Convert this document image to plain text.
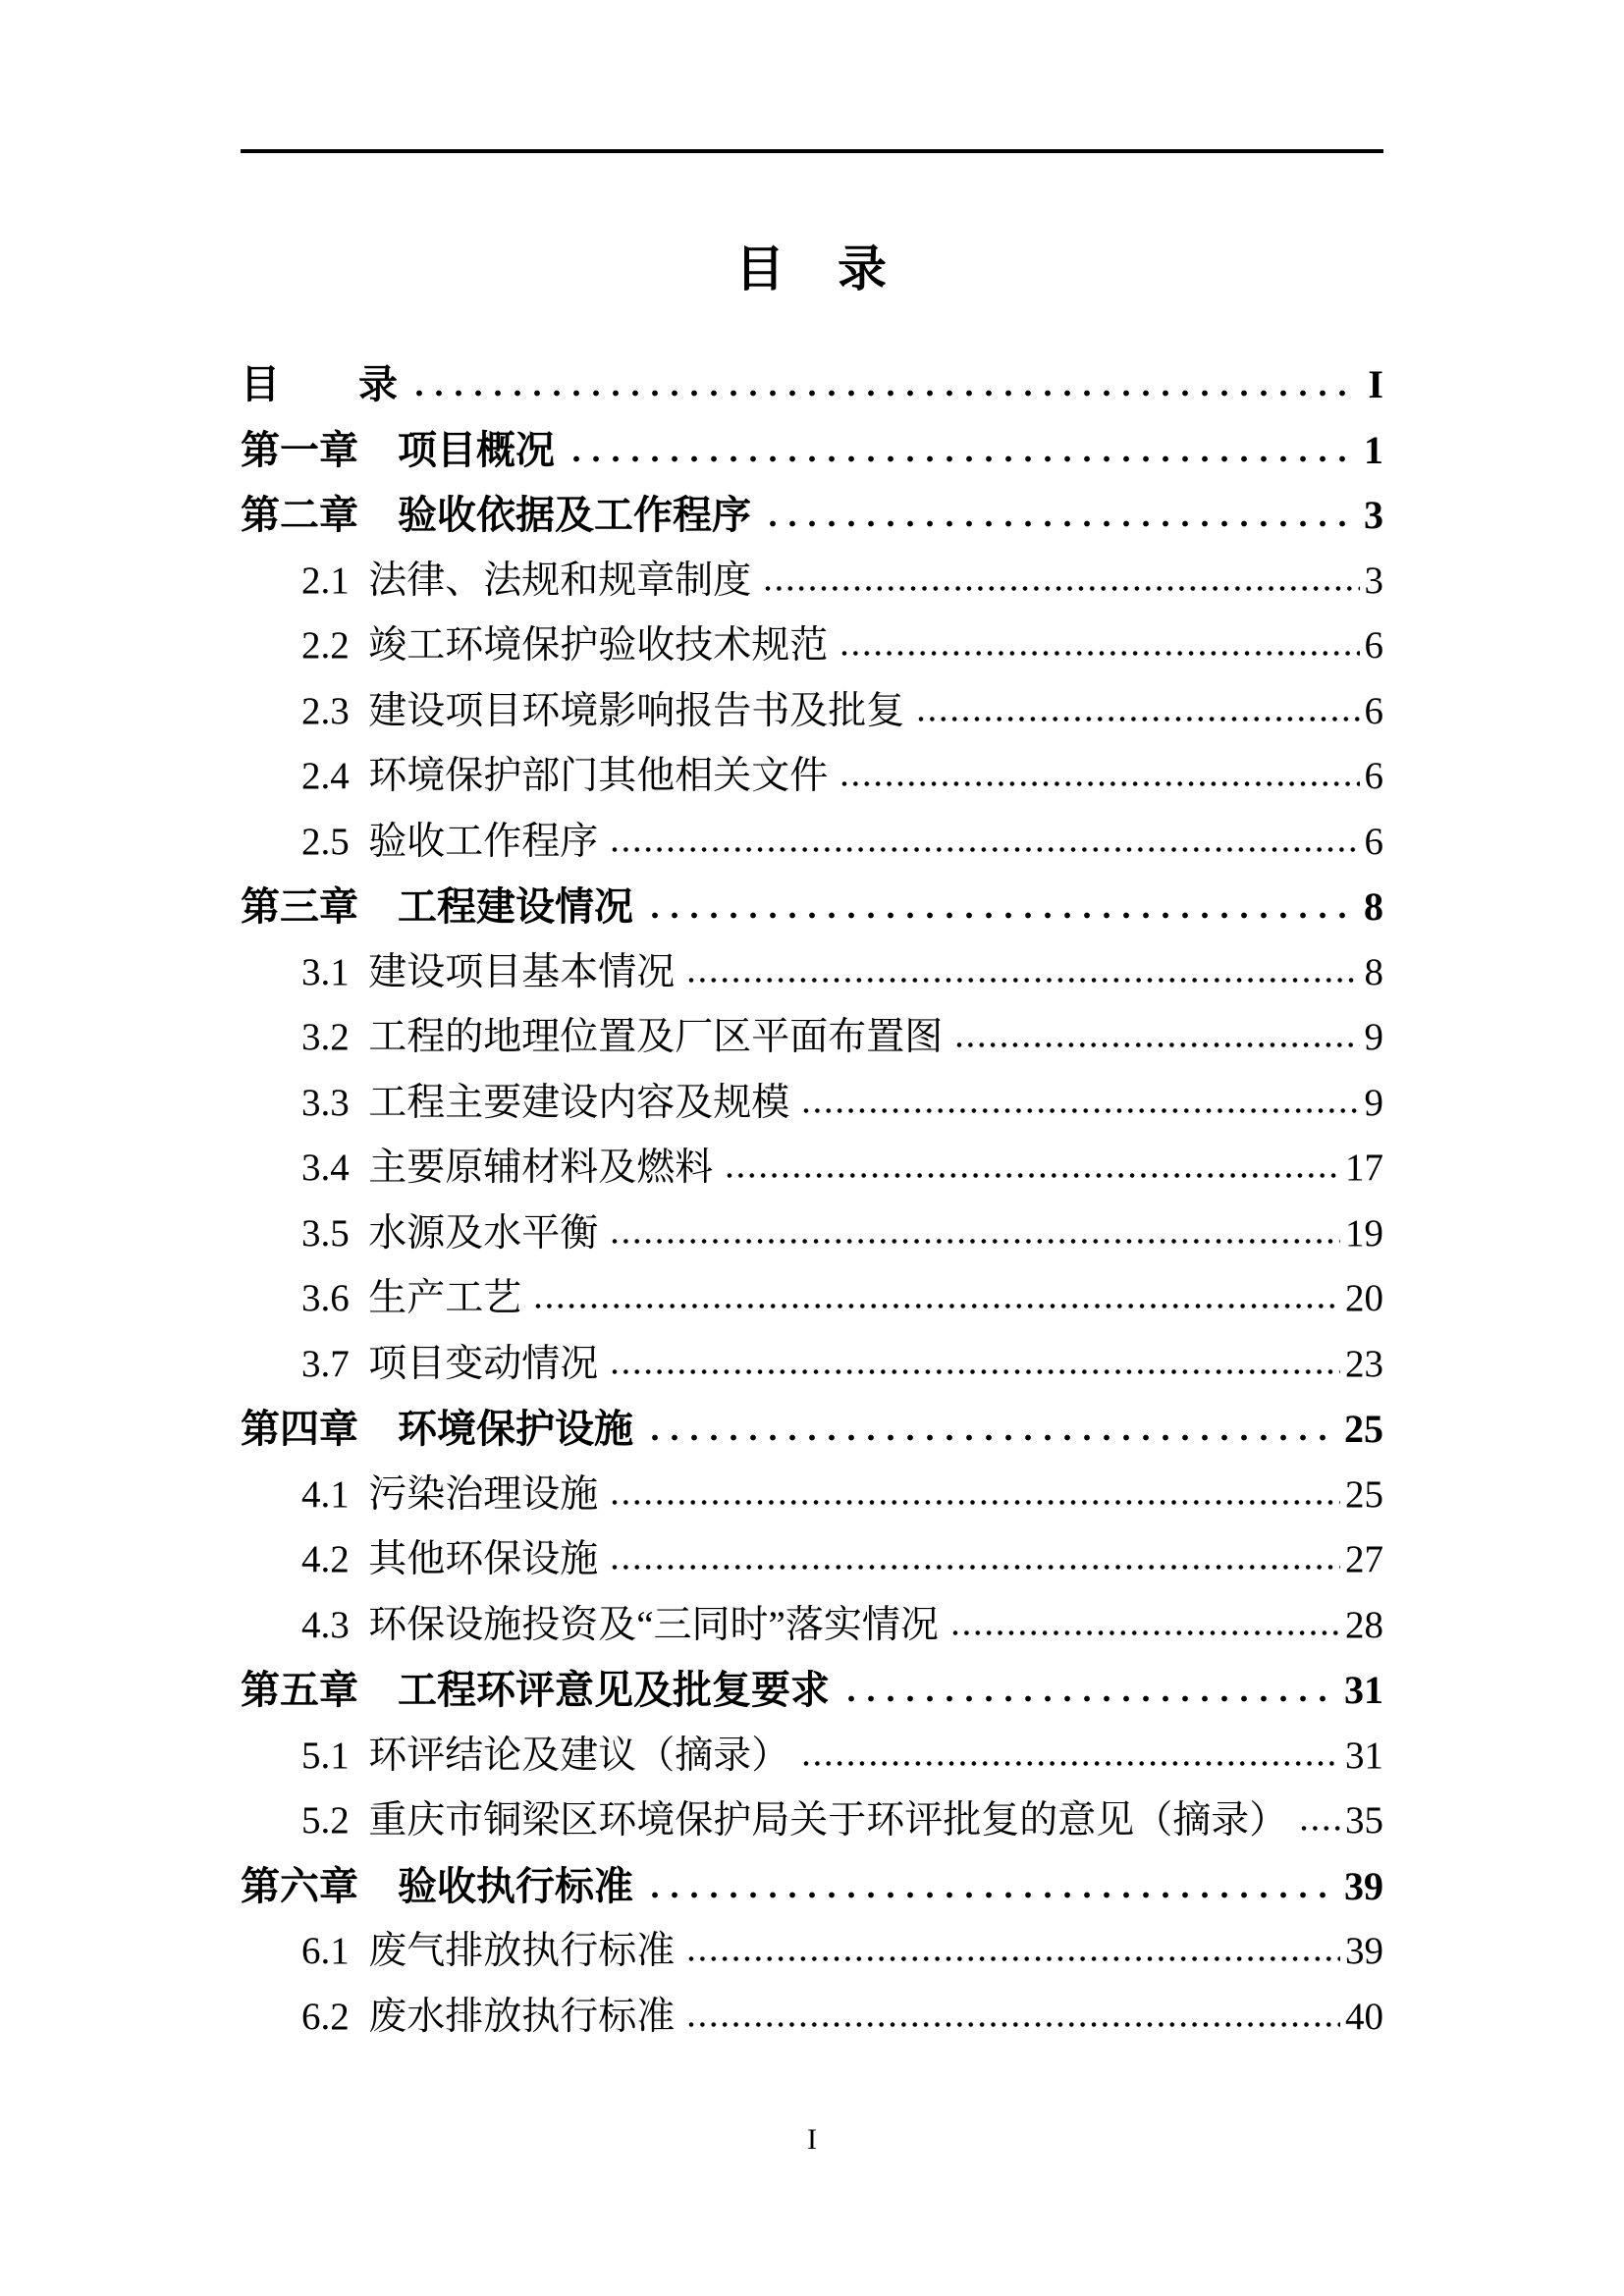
目　录
目　　录	I
第一章　项目概况	1
第二章　验收依据及工作程序	3
2.1 法律、法规和规章制度	3
2.2 竣工环境保护验收技术规范	6
2.3 建设项目环境影响报告书及批复	6
2.4 环境保护部门其他相关文件	6
2.5 验收工作程序	6
第三章　工程建设情况	8
3.1 建设项目基本情况	8
3.2 工程的地理位置及厂区平面布置图	9
3.3 工程主要建设内容及规模	9
3.4 主要原辅材料及燃料	17
3.5 水源及水平衡	19
3.6 生产工艺	20
3.7 项目变动情况	23
第四章　环境保护设施	25
4.1 污染治理设施	25
4.2 其他环保设施	27
4.3 环保设施投资及“三同时”落实情况	28
第五章　工程环评意见及批复要求	31
5.1 环评结论及建议（摘录）	31
5.2 重庆市铜梁区环境保护局关于环评批复的意见（摘录） 35
第六章　验收执行标准	39
6.1 废气排放执行标准	39
6.2 废水排放执行标准	40
I
